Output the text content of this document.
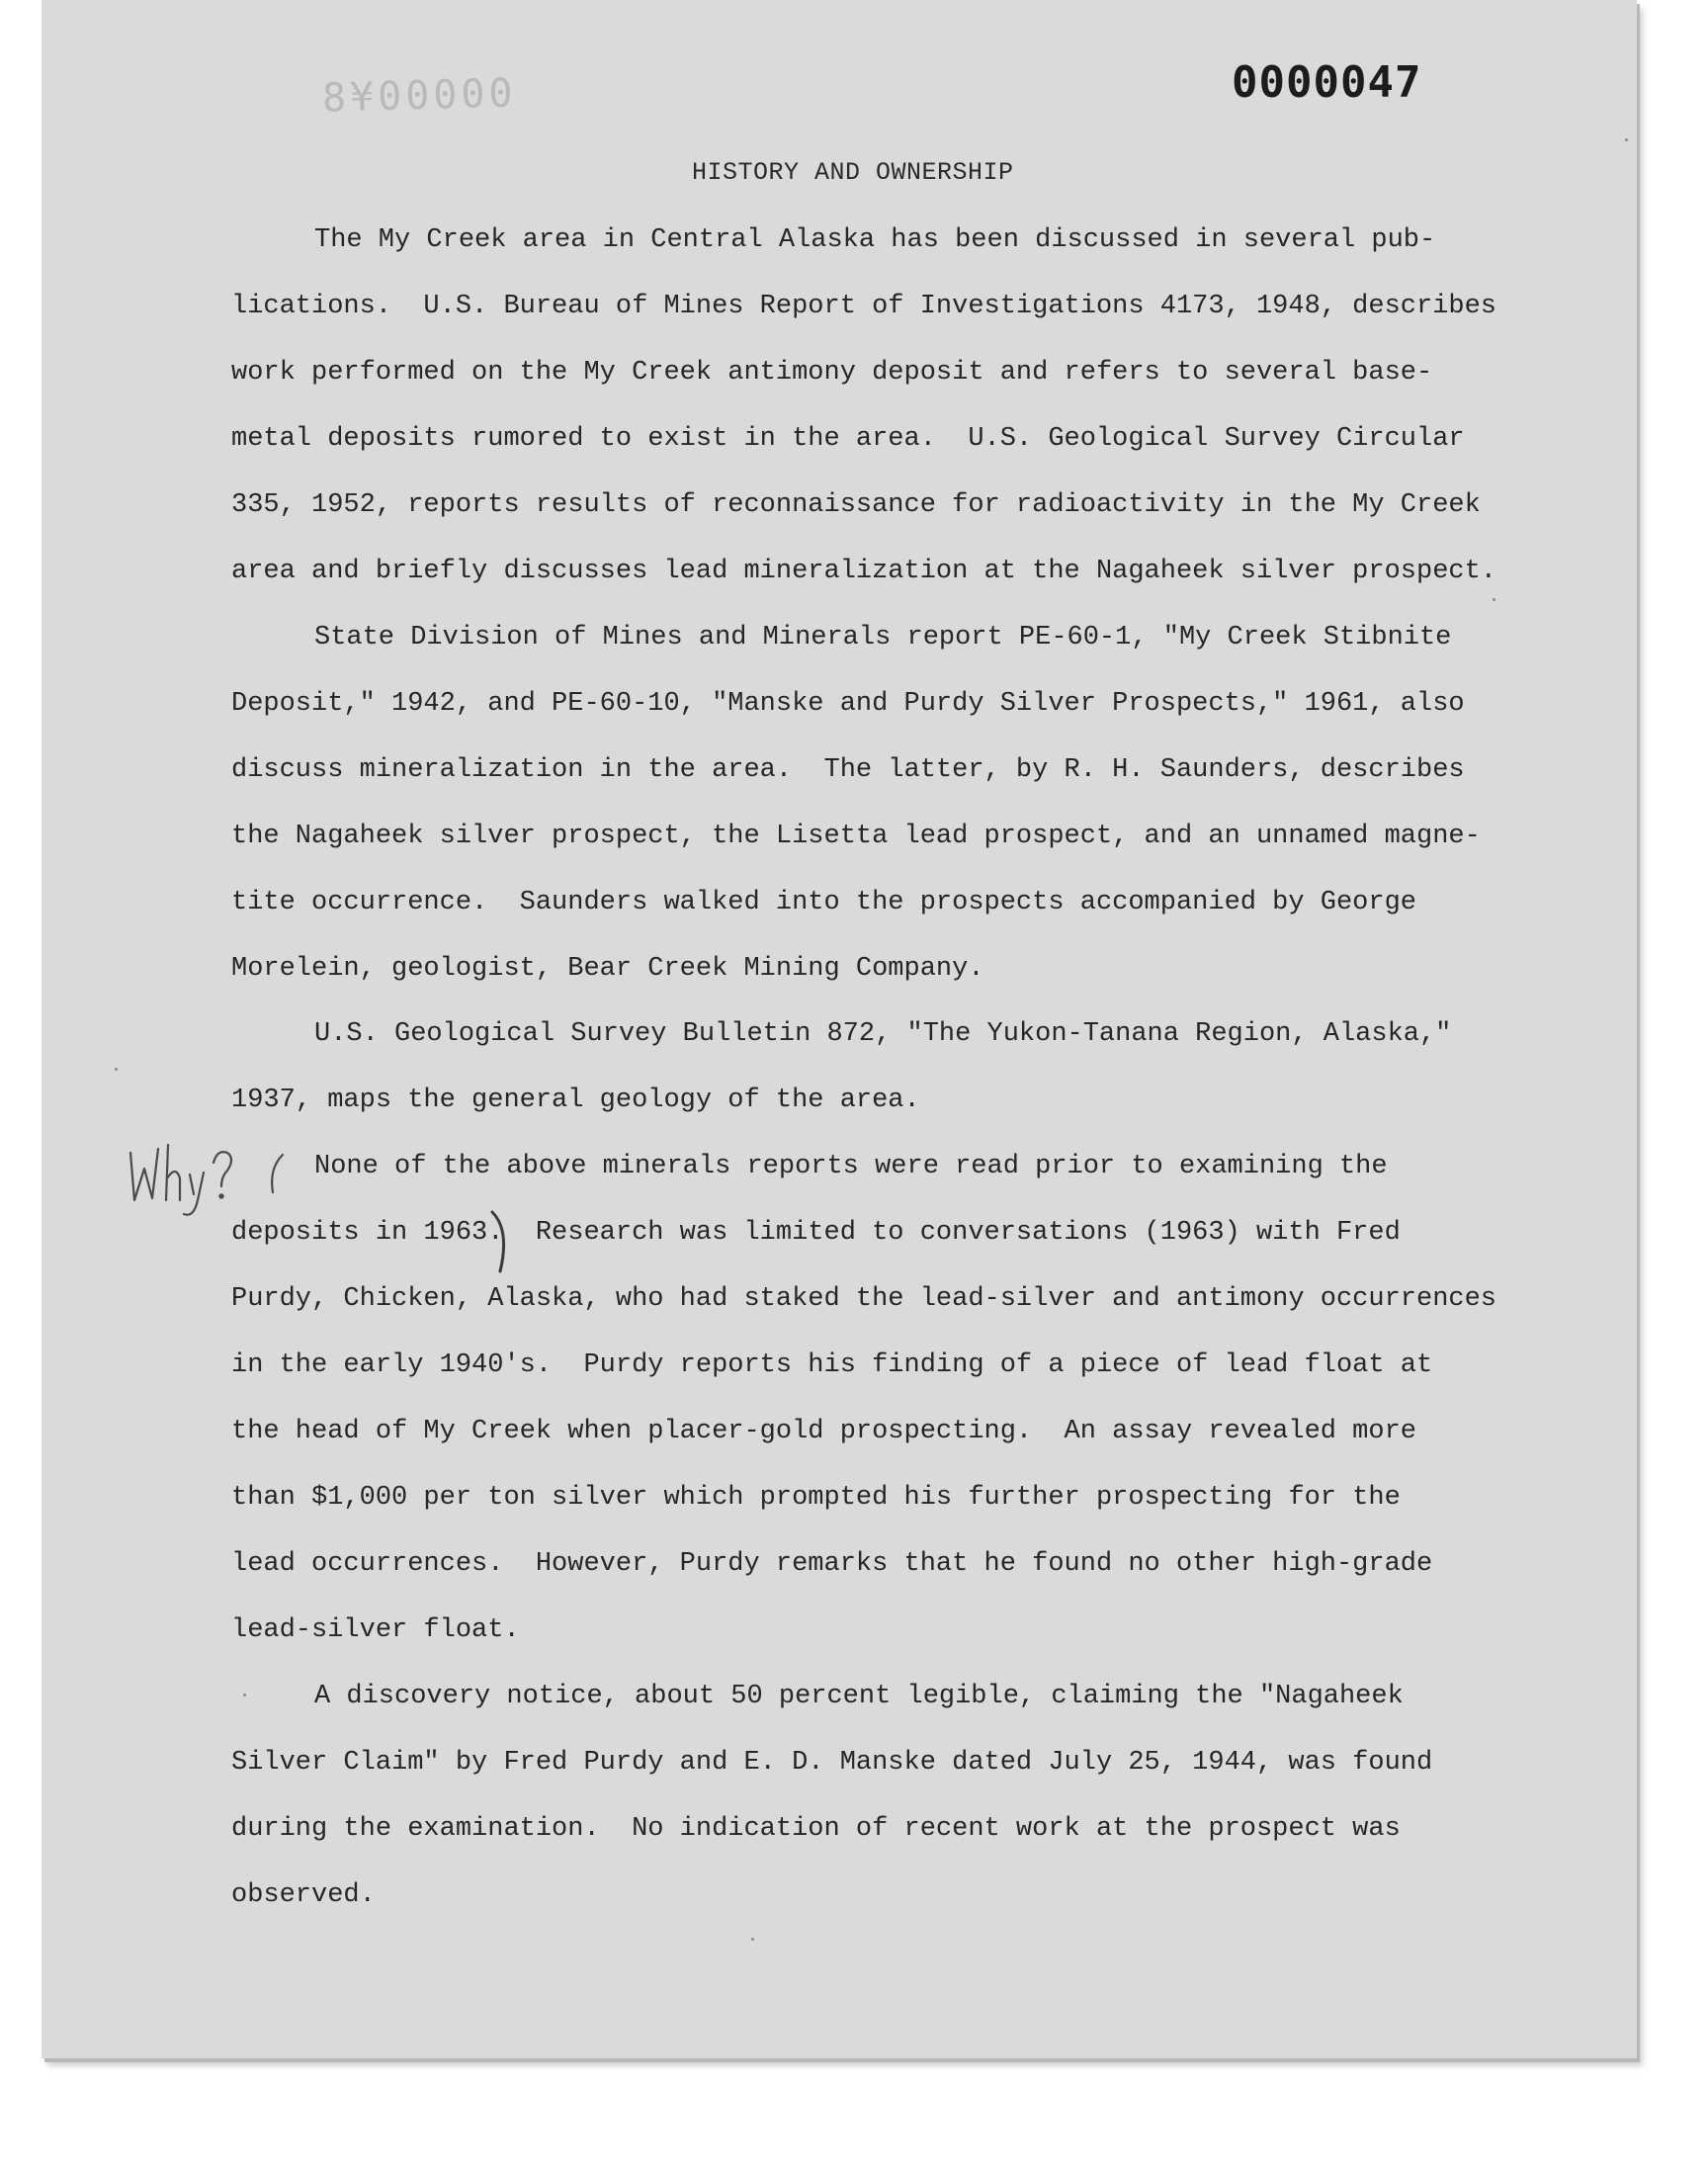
8¥00000	0000047
HISTORY AND OWNERSHIP
The My Creek area in Central Alaska has been discussed in several pub-
lications.  U.S. Bureau of Mines Report of Investigations 4173, 1948, describes
work performed on the My Creek antimony deposit and refers to several base-
metal deposits rumored to exist in the area.  U.S. Geological Survey Circular
335, 1952, reports results of reconnaissance for radioactivity in the My Creek
area and briefly discusses lead mineralization at the Nagaheek silver prospect.
State Division of Mines and Minerals report PE-60-1, "My Creek Stibnite
Deposit," 1942, and PE-60-10, "Manske and Purdy Silver Prospects," 1961, also
discuss mineralization in the area.  The latter, by R. H. Saunders, describes
the Nagaheek silver prospect, the Lisetta lead prospect, and an unnamed magne-
tite occurrence.  Saunders walked into the prospects accompanied by George
Morelein, geologist, Bear Creek Mining Company.
U.S. Geological Survey Bulletin 872, "The Yukon-Tanana Region, Alaska,"
1937, maps the general geology of the area.
None of the above minerals reports were read prior to examining the
deposits in 1963.  Research was limited to conversations (1963) with Fred
Purdy, Chicken, Alaska, who had staked the lead-silver and antimony occurrences
in the early 1940's.  Purdy reports his finding of a piece of lead float at
the head of My Creek when placer-gold prospecting.  An assay revealed more
than $1,000 per ton silver which prompted his further prospecting for the
lead occurrences.  However, Purdy remarks that he found no other high-grade
lead-silver float.
A discovery notice, about 50 percent legible, claiming the "Nagaheek
Silver Claim" by Fred Purdy and E. D. Manske dated July 25, 1944, was found
during the examination.  No indication of recent work at the prospect was
observed.
